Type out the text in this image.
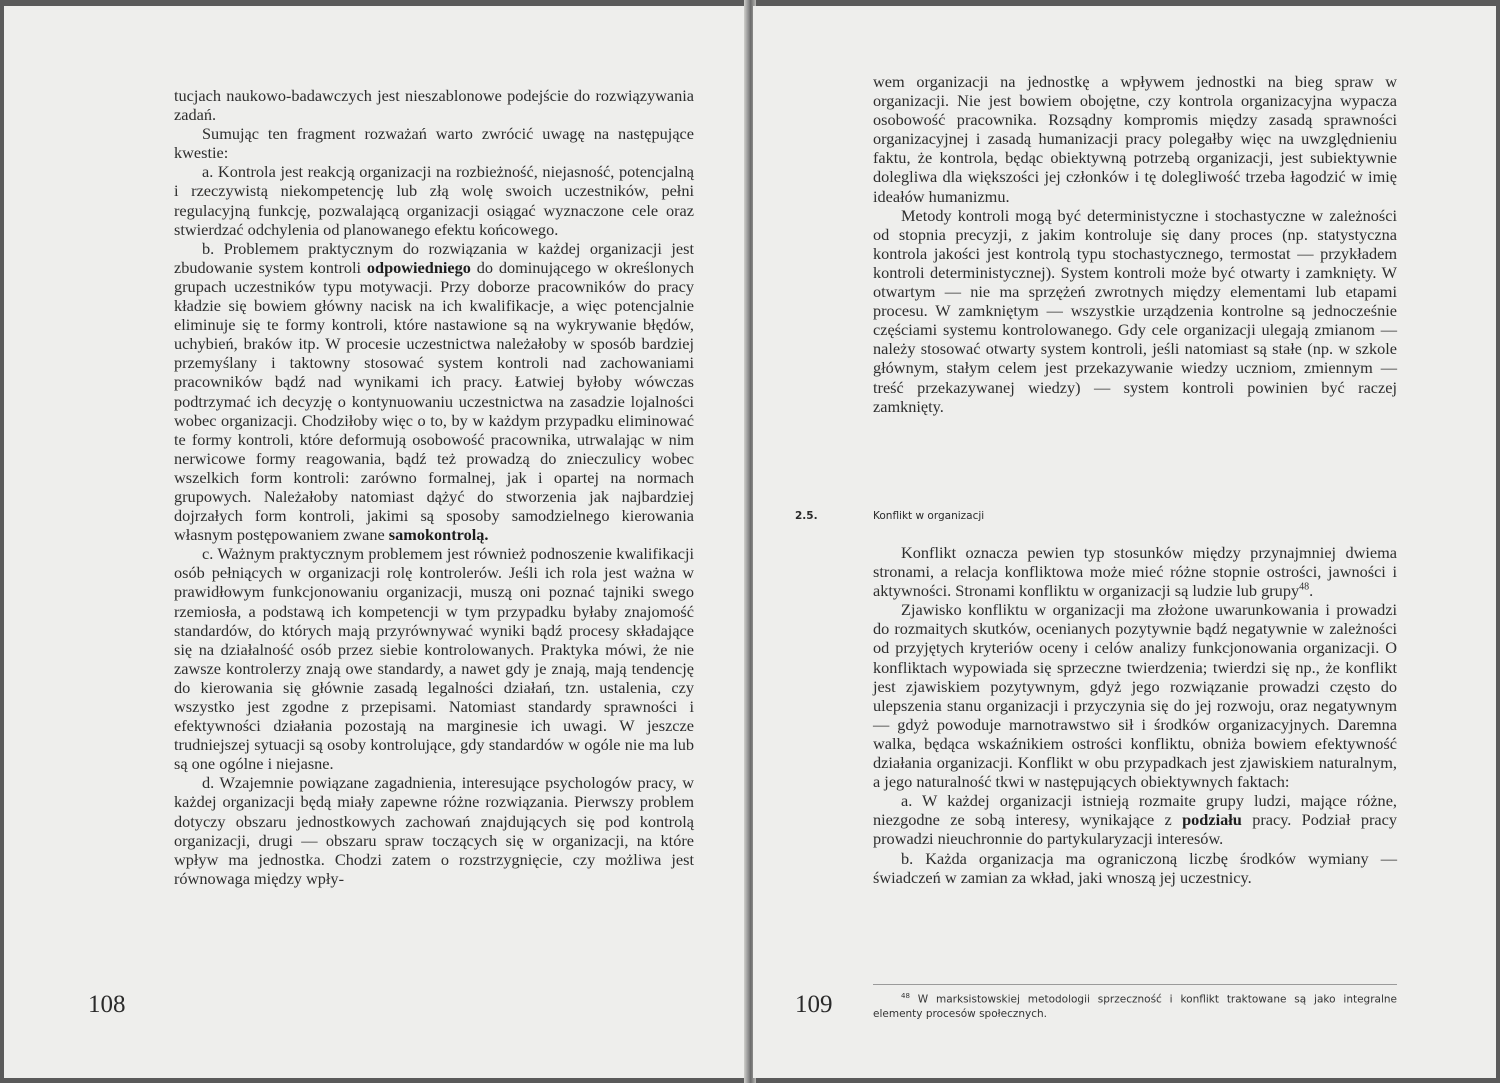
tucjach naukowo-badawczych jest nieszablonowe podejście do rozwiązywania zadań.

Sumując ten fragment rozważań warto zwrócić uwagę na następujące kwestie:

a. Kontrola jest reakcją organizacji na rozbieżność, niejasność, potencjalną i rzeczywistą niekompetencję lub złą wolę swoich uczestników, pełni regulacyjną funkcję, pozwalającą organizacji osiągać wyznaczone cele oraz stwierdzać odchylenia od planowanego efektu końcowego.

b. Problemem praktycznym do rozwiązania w każdej organizacji jest zbudowanie system kontroli odpowiedniego do dominującego w określonych grupach uczestników typu motywacji. Przy doborze pracowników do pracy kładzie się bowiem główny nacisk na ich kwalifikacje, a więc potencjalnie eliminuje się te formy kontroli, które nastawione są na wykrywanie błędów, uchybień, braków itp. W procesie uczestnictwa należałoby w sposób bardziej przemyślany i taktowny stosować system kontroli nad zachowaniami pracowników bądź nad wynikami ich pracy. Łatwiej byłoby wówczas podtrzymać ich decyzję o kontynuowaniu uczestnictwa na zasadzie lojalności wobec organizacji. Chodziłoby więc o to, by w każdym przypadku eliminować te formy kontroli, które deformują osobowość pracownika, utrwalając w nim nerwicowe formy reagowania, bądź też prowadzą do znieczulicy wobec wszelkich form kontroli: zarówno formalnej, jak i opartej na normach grupowych. Należałoby natomiast dążyć do stworzenia jak najbardziej dojrzałych form kontroli, jakimi są sposoby samodzielnego kierowania własnym postępowaniem zwane samokontrolą.

c. Ważnym praktycznym problemem jest również podnoszenie kwalifikacji osób pełniących w organizacji rolę kontrolerów. Jeśli ich rola jest ważna w prawidłowym funkcjonowaniu organizacji, muszą oni poznać tajniki swego rzemiosła, a podstawą ich kompetencji w tym przypadku byłaby znajomość standardów, do których mają przyrównywać wyniki bądź procesy składające się na działalność osób przez siebie kontrolowanych. Praktyka mówi, że nie zawsze kontrolerzy znają owe standardy, a nawet gdy je znają, mają tendencję do kierowania się głównie zasadą legalności działań, tzn. ustalenia, czy wszystko jest zgodne z przepisami. Natomiast standardy sprawności i efektywności działania pozostają na marginesie ich uwagi. W jeszcze trudniejszej sytuacji są osoby kontrolujące, gdy standardów w ogóle nie ma lub są one ogólne i niejasne.

d. Wzajemnie powiązane zagadnienia, interesujące psychologów pracy, w każdej organizacji będą miały zapewne różne rozwiązania. Pierwszy problem dotyczy obszaru jednostkowych zachowań znajdujących się pod kontrolą organizacji, drugi — obszaru spraw toczących się w organizacji, na które wpływ ma jednostka. Chodzi zatem o rozstrzygnięcie, czy możliwa jest równowaga między wpły-

108

wem organizacji na jednostkę a wpływem jednostki na bieg spraw w organizacji. Nie jest bowiem obojętne, czy kontrola organizacyjna wypacza osobowość pracownika. Rozsądny kompromis między zasadą sprawności organizacyjnej i zasadą humanizacji pracy polegałby więc na uwzględnieniu faktu, że kontrola, będąc obiektywną potrzebą organizacji, jest subiektywnie dolegliwa dla większości jej członków i tę dolegliwość trzeba łagodzić w imię ideałów humanizmu.

Metody kontroli mogą być deterministyczne i stochastyczne w zależności od stopnia precyzji, z jakim kontroluje się dany proces (np. statystyczna kontrola jakości jest kontrolą typu stochastycznego, termostat — przykładem kontroli deterministycznej). System kontroli może być otwarty i zamknięty. W otwartym — nie ma sprzężeń zwrotnych między elementami lub etapami procesu. W zamkniętym — wszystkie urządzenia kontrolne są jednocześnie częściami systemu kontrolowanego. Gdy cele organizacji ulegają zmianom — należy stosować otwarty system kontroli, jeśli natomiast są stałe (np. w szkole głównym, stałym celem jest przekazywanie wiedzy uczniom, zmiennym — treść przekazywanej wiedzy) — system kontroli powinien być raczej zamknięty.

2.5.	Konflikt w organizacji

Konflikt oznacza pewien typ stosunków między przynajmniej dwiema stronami, a relacja konfliktowa może mieć różne stopnie ostrości, jawności i aktywności. Stronami konfliktu w organizacji są ludzie lub grupy$^{48}$.

Zjawisko konfliktu w organizacji ma złożone uwarunkowania i prowadzi do rozmaitych skutków, ocenianych pozytywnie bądź negatywnie w zależności od przyjętych kryteriów oceny i celów analizy funkcjonowania organizacji. O konfliktach wypowiada się sprzeczne twierdzenia; twierdzi się np., że konflikt jest zjawiskiem pozytywnym, gdyż jego rozwiązanie prowadzi często do ulepszenia stanu organizacji i przyczynia się do jej rozwoju, oraz negatywnym — gdyż powoduje marnotrawstwo sił i środków organizacyjnych. Daremna walka, będąca wskaźnikiem ostrości konfliktu, obniża bowiem efektywność działania organizacji. Konflikt w obu przypadkach jest zjawiskiem naturalnym, a jego naturalność tkwi w następujących obiektywnych faktach:

a. W każdej organizacji istnieją rozmaite grupy ludzi, mające różne, niezgodne ze sobą interesy, wynikające z podziału pracy. Podział pracy prowadzi nieuchronnie do partykularyzacji interesów.

b. Każda organizacja ma ograniczoną liczbę środków wymiany — świadczeń w zamian za wkład, jaki wnoszą jej uczestnicy.

$^{48}$ W marksistowskiej metodologii sprzeczność i konflikt traktowane są jako integralne elementy procesów społecznych.

109
